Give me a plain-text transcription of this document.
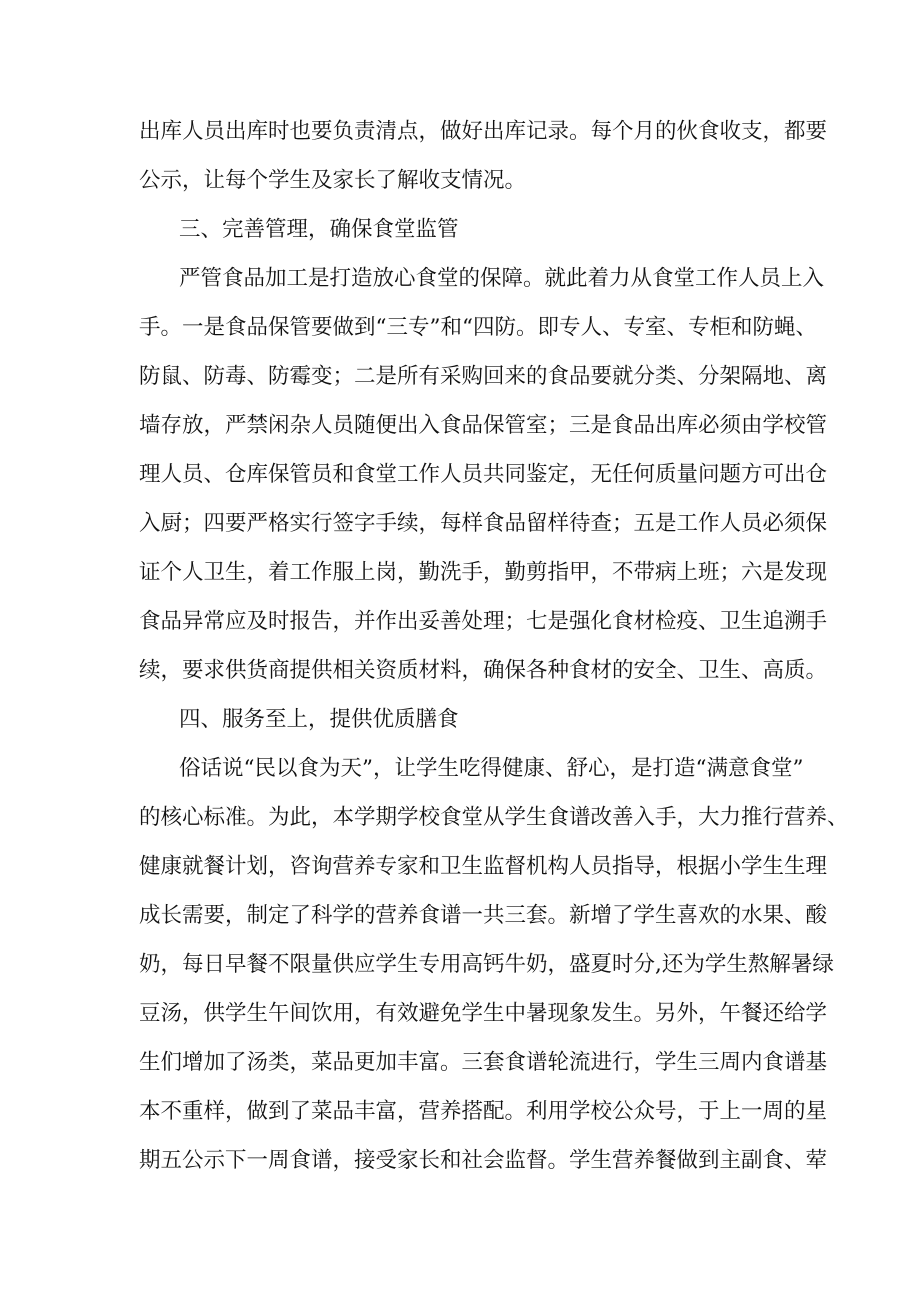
出库人员出库时也要负责清点，做好出库记录。每个月的伙食收支，都要
公示，让每个学生及家长了解收支情况。
三、完善管理，确保食堂监管
严管食品加工是打造放心食堂的保障。就此着力从食堂工作人员上入
手。一是食品保管要做到“三专”和“四防。即专人、专室、专柜和防蝇、
防鼠、防毒、防霉变；二是所有采购回来的食品要就分类、分架隔地、离
墙存放，严禁闲杂人员随便出入食品保管室；三是食品出库必须由学校管
理人员、仓库保管员和食堂工作人员共同鉴定，无任何质量问题方可出仓
入厨；四要严格实行签字手续，每样食品留样待查；五是工作人员必须保
证个人卫生，着工作服上岗，勤洗手，勤剪指甲，不带病上班；六是发现
食品异常应及时报告，并作出妥善处理；七是强化食材检疫、卫生追溯手
续，要求供货商提供相关资质材料，确保各种食材的安全、卫生、高质。
四、服务至上，提供优质膳食
俗话说“民以食为天”，让学生吃得健康、舒心，是打造“满意食堂”
的核心标准。为此，本学期学校食堂从学生食谱改善入手，大力推行营养、
健康就餐计划，咨询营养专家和卫生监督机构人员指导，根据小学生生理
成长需要，制定了科学的营养食谱一共三套。新增了学生喜欢的水果、酸
奶，每日早餐不限量供应学生专用高钙牛奶，盛夏时分,还为学生熬解暑绿
豆汤，供学生午间饮用，有效避免学生中暑现象发生。另外，午餐还给学
生们增加了汤类，菜品更加丰富。三套食谱轮流进行，学生三周内食谱基
本不重样，做到了菜品丰富，营养搭配。利用学校公众号，于上一周的星
期五公示下一周食谱，接受家长和社会监督。学生营养餐做到主副食、荤
